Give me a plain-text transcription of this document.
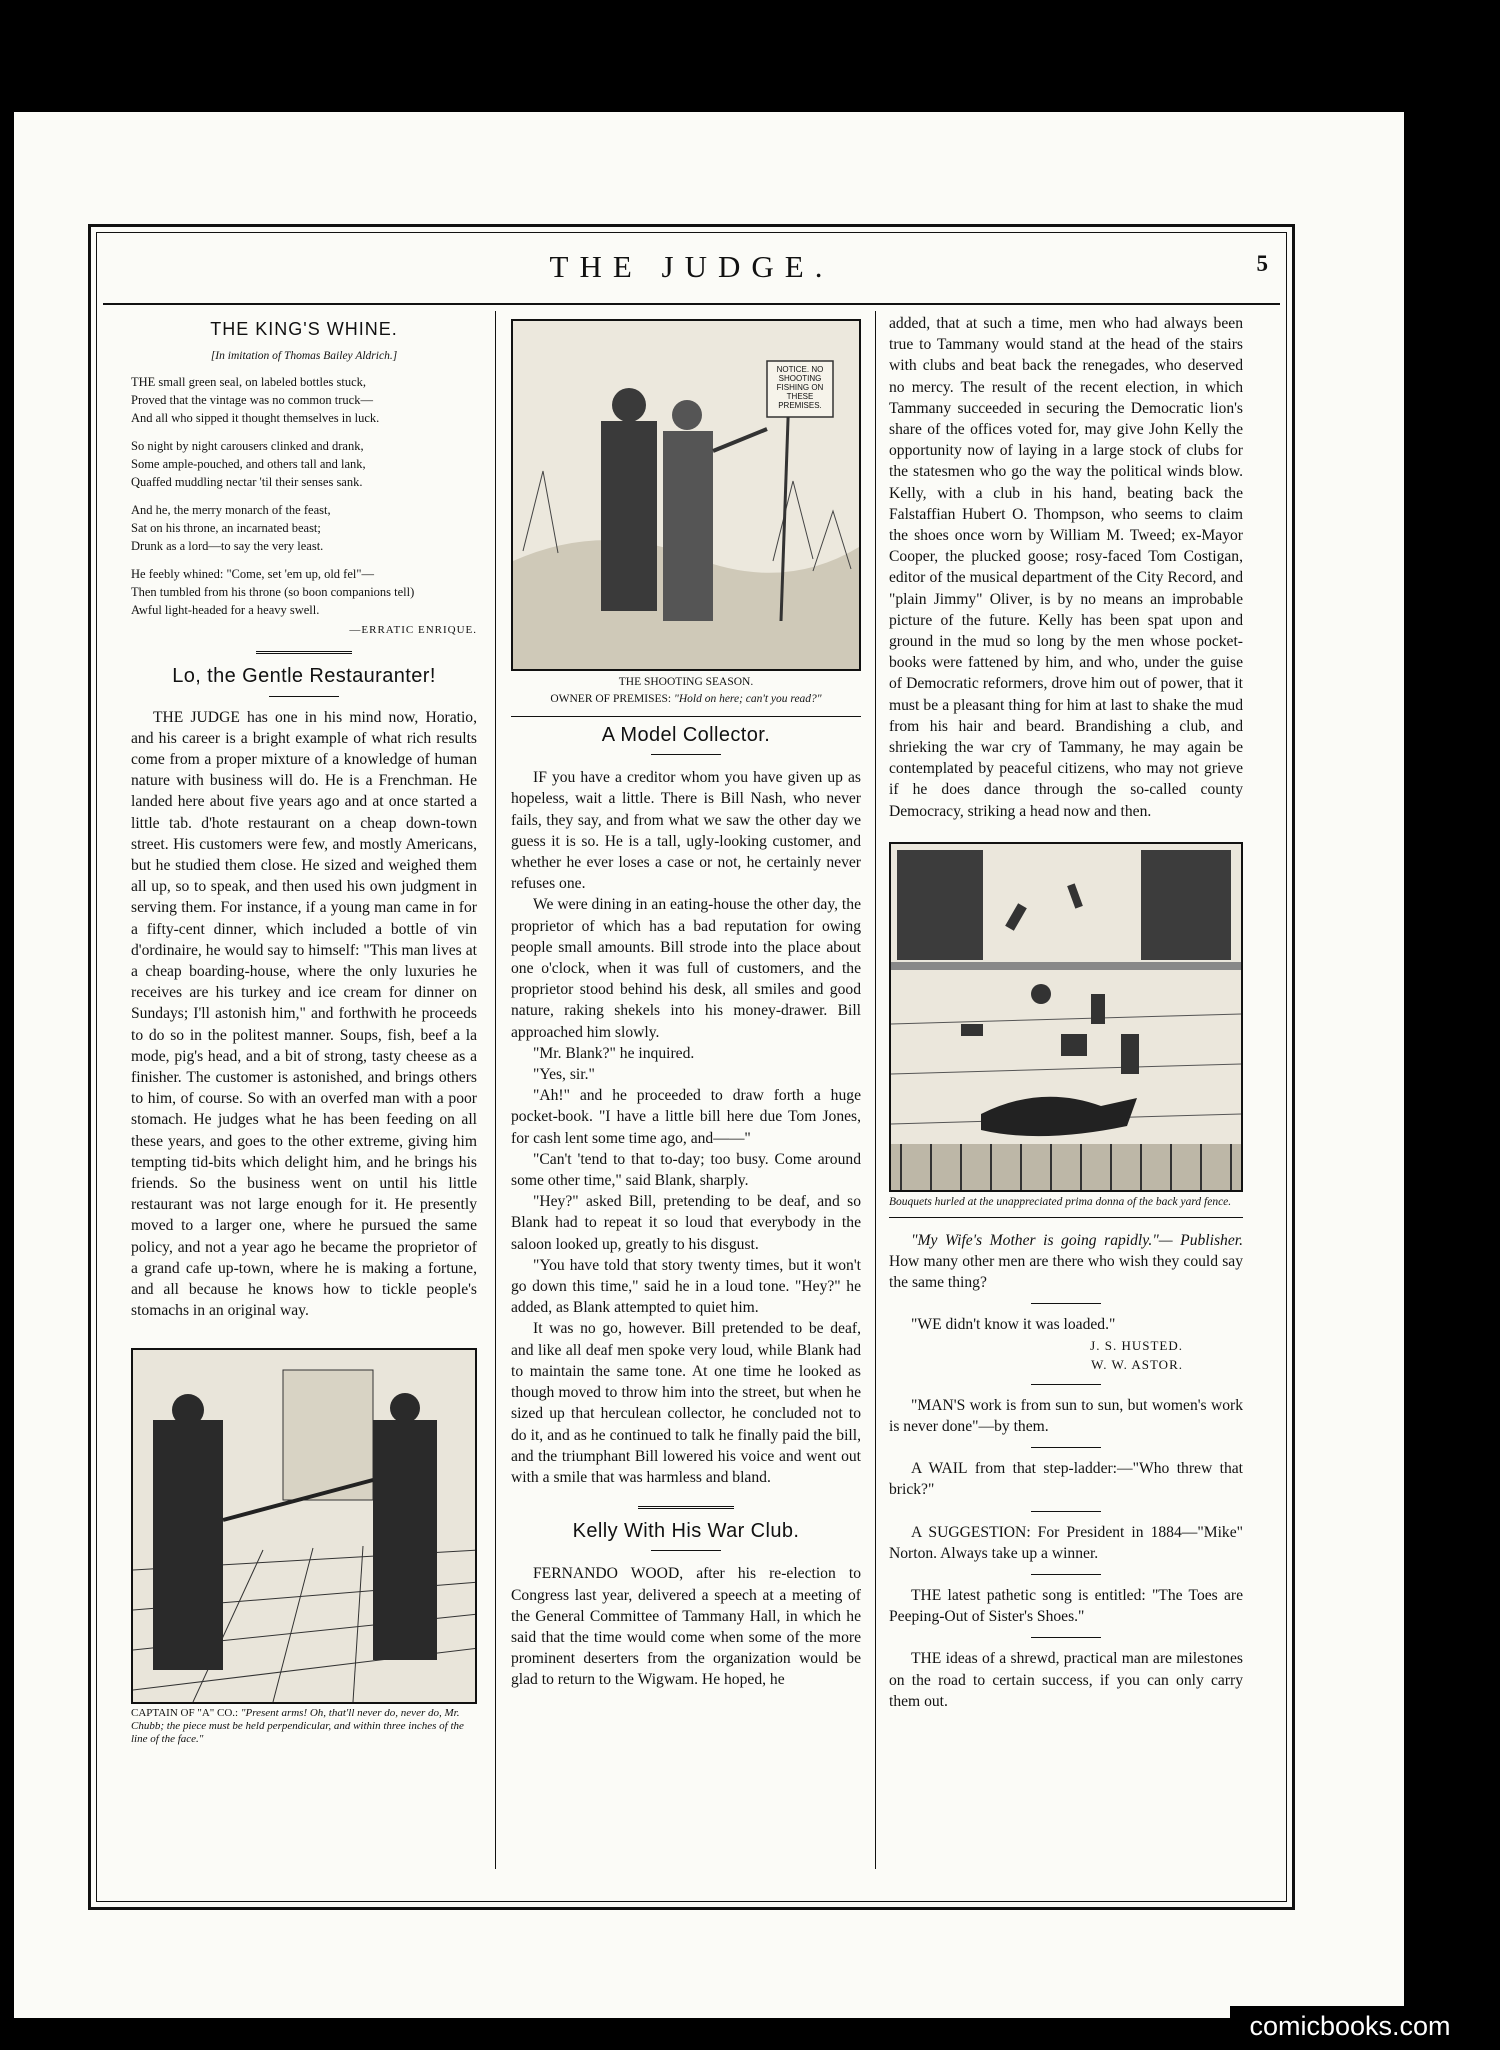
THE JUDGE.	5
THE KING'S WHINE.
[In imitation of Thomas Bailey Aldrich.]
THE small green seal, on labeled bottles stuck,
Proved that the vintage was no common truck—
And all who sipped it thought themselves in luck.
So night by night carousers clinked and drank,
Some ample-pouched, and others tall and lank,
Quaffed muddling nectar 'til their senses sank.
And he, the merry monarch of the feast,
Sat on his throne, an incarnated beast;
Drunk as a lord—to say the very least.
He feebly whined: "Come, set 'em up, old fel"—
Then tumbled from his throne (so boon companions tell)
Awful light-headed for a heavy swell.
—ERRATIC ENRIQUE.
Lo, the Gentle Restauranter!

THE JUDGE has one in his mind now, Horatio, and his career is a bright example of what rich results come from a proper mixture of a knowledge of human nature with business will do. He is a Frenchman. He landed here about five years ago and at once started a little tab. d'hote restaurant on a cheap down-town street. His customers were few, and mostly Americans, but he studied them close. He sized and weighed them all up, so to speak, and then used his own judgment in serving them. For instance, if a young man came in for a fifty-cent dinner, which included a bottle of vin d'ordinaire, he would say to himself: "This man lives at a cheap boarding-house, where the only luxuries he receives are his turkey and ice cream for dinner on Sundays; I'll astonish him," and forthwith he proceeds to do so in the politest manner. Soups, fish, beef a la mode, pig's head, and a bit of strong, tasty cheese as a finisher. The customer is astonished, and brings others to him, of course. So with an overfed man with a poor stomach. He judges what he has been feeding on all these years, and goes to the other extreme, giving him tempting tid-bits which delight him, and he brings his friends. So the business went on until his little restaurant was not large enough for it. He presently moved to a larger one, where he pursued the same policy, and not a year ago he became the proprietor of a grand cafe up-town, where he is making a fortune, and all because he knows how to tickle people's stomachs in an original way.

CAPTAIN OF "A" CO.: "Present arms! Oh, that'll never do, never do, Mr. Chubb; the piece must be held perpendicular, and within three inches of the line of the face."
NOTICE. NO SHOOTING FISHING ON THESE PREMISES.
THE SHOOTING SEASON.
OWNER OF PREMISES: "Hold on here; can't you read?"
A Model Collector.

IF you have a creditor whom you have given up as hopeless, wait a little. There is Bill Nash, who never fails, they say, and from what we saw the other day we guess it is so. He is a tall, ugly-looking customer, and whether he ever loses a case or not, he certainly never refuses one.

We were dining in an eating-house the other day, the proprietor of which has a bad reputation for owing people small amounts. Bill strode into the place about one o'clock, when it was full of customers, and the proprietor stood behind his desk, all smiles and good nature, raking shekels into his money-drawer. Bill approached him slowly.

"Mr. Blank?" he inquired.

"Yes, sir."

"Ah!" and he proceeded to draw forth a huge pocket-book. "I have a little bill here due Tom Jones, for cash lent some time ago, and——"

"Can't 'tend to that to-day; too busy. Come around some other time," said Blank, sharply.

"Hey?" asked Bill, pretending to be deaf, and so Blank had to repeat it so loud that everybody in the saloon looked up, greatly to his disgust.

"You have told that story twenty times, but it won't go down this time," said he in a loud tone. "Hey?" he added, as Blank attempted to quiet him.

It was no go, however. Bill pretended to be deaf, and like all deaf men spoke very loud, while Blank had to maintain the same tone. At one time he looked as though moved to throw him into the street, but when he sized up that herculean collector, he concluded not to do it, and as he continued to talk he finally paid the bill, and the triumphant Bill lowered his voice and went out with a smile that was harmless and bland.

Kelly With His War Club.

FERNANDO WOOD, after his re-election to Congress last year, delivered a speech at a meeting of the General Committee of Tammany Hall, in which he said that the time would come when some of the more prominent deserters from the organization would be glad to return to the Wigwam. He hoped, he

added, that at such a time, men who had always been true to Tammany would stand at the head of the stairs with clubs and beat back the renegades, who deserved no mercy. The result of the recent election, in which Tammany succeeded in securing the Democratic lion's share of the offices voted for, may give John Kelly the opportunity now of laying in a large stock of clubs for the statesmen who go the way the political winds blow. Kelly, with a club in his hand, beating back the Falstaffian Hubert O. Thompson, who seems to claim the shoes once worn by William M. Tweed; ex-Mayor Cooper, the plucked goose; rosy-faced Tom Costigan, editor of the musical department of the City Record, and "plain Jimmy" Oliver, is by no means an improbable picture of the future. Kelly has been spat upon and ground in the mud so long by the men whose pocket-books were fattened by him, and who, under the guise of Democratic reformers, drove him out of power, that it must be a pleasant thing for him at last to shake the mud from his hair and beard. Brandishing a club, and shrieking the war cry of Tammany, he may again be contemplated by peaceful citizens, who may not grieve if he does dance through the so-called county Democracy, striking a head now and then.

Bouquets hurled at the unappreciated prima donna of the back yard fence.

"My Wife's Mother is going rapidly."— Publisher. How many other men are there who wish they could say the same thing?

"WE didn't know it was loaded."

J. S. HUSTED.
W. W. ASTOR.

"MAN'S work is from sun to sun, but women's work is never done"—by them.

A WAIL from that step-ladder:—"Who threw that brick?"

A SUGGESTION: For President in 1884—"Mike" Norton. Always take up a winner.

THE latest pathetic song is entitled: "The Toes are Peeping-Out of Sister's Shoes."

THE ideas of a shrewd, practical man are milestones on the road to certain success, if you can only carry them out.

comicbooks.com
